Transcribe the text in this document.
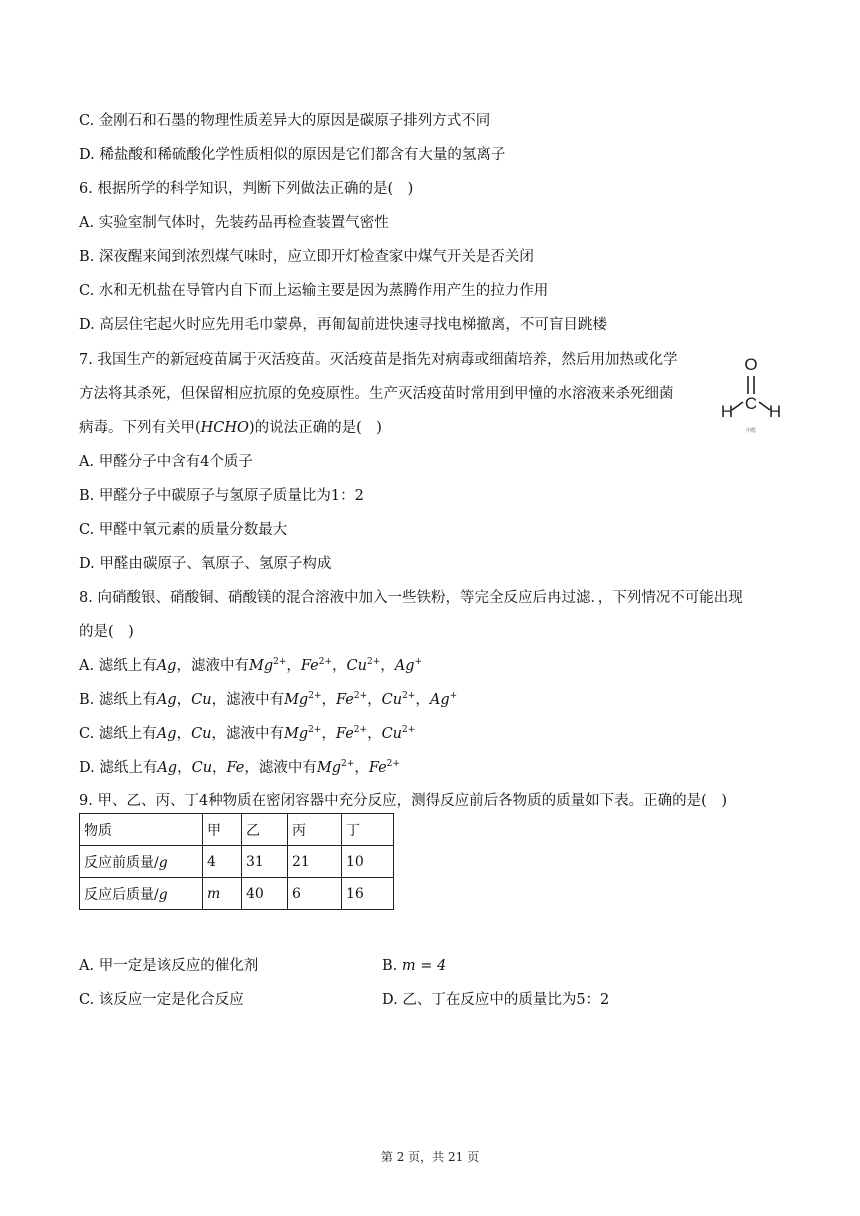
C. 金刚石和石墨的物理性质差异大的原因是碳原子排列方式不同
D. 稀盐酸和稀硫酸化学性质相似的原因是它们都含有大量的氢离子
6. 根据所学的科学知识，判断下列做法正确的是(　)
A. 实验室制气体时，先装药品再检查装置气密性
B. 深夜醒来闻到浓烈煤气味时，应立即开灯检查家中煤气开关是否关闭
C. 水和无机盐在导管内自下而上运输主要是因为蒸腾作用产生的拉力作用
D. 高层住宅起火时应先用毛巾蒙鼻，再匍匐前进快速寻找电梯撤离，不可盲目跳楼
7. 我国生产的新冠疫苗属于灭活疫苗。灭活疫苗是指先对病毒或细菌培养，然后用加热或化学
方法将其杀死，但保留相应抗原的免疫原性。生产灭活疫苗时常用到甲憧的水溶液来杀死细菌
病毒。下列有关甲(HCHO)的说法正确的是(　)
O
C
H H
甲醛
A. 甲醛分子中含有4个质子
B. 甲醛分子中碳原子与氢原子质量比为1：2
C. 甲醛中氧元素的质量分数最大
D. 甲醛由碳原子、氧原子、氢原子构成
8. 向硝酸银、硝酸铜、硝酸镁的混合溶液中加入一些铁粉，等完全反应后冉过滤．，下列情况不可能出现
的是(　)
A. 滤纸上有Ag，滤液中有$Mg^{2+}$，$Fe^{2+}$，$Cu^{2+}$，Ag+
B. 滤纸上有Ag，Cu，滤液中有$Mg^{2+}$，$Fe^{2+}$，$Cu^{2+}$，Ag+
C. 滤纸上有Ag，Cu，滤液中有$Mg^{2+}$，$Fe^{2+}$，$Cu^{2+}$
D. 滤纸上有Ag，Cu，Fe，滤液中有$Mg^{2+}$，$Fe^{2+}$
9. 甲、乙、丙、丁4种物质在密闭容器中充分反应，测得反应前后各物质的质量如下表。正确的是(　)
物质	甲	乙	丙	丁
反应前质量/g	4	31	21	10
反应后质量/g	m	40	6	16
A. 甲一定是该反应的催化剂	B. m = 4
C. 该反应一定是化合反应	D. 乙、丁在反应中的质量比为5：2
第 2 页，共 21 页
